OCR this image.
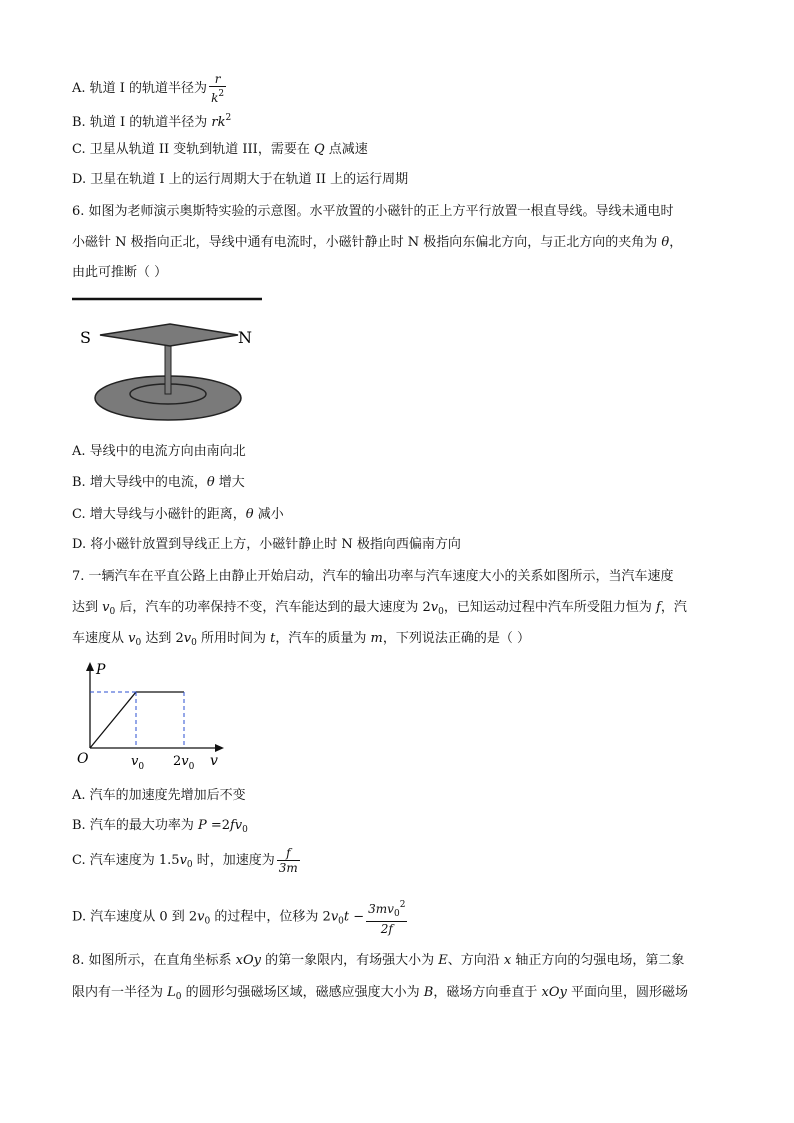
A. 轨道 I 的轨道半径为 $\frac{r}{k^2}$
B. 轨道 I 的轨道半径为 $rk^2$
C. 卫星从轨道 II 变轨到轨道 III，需要在 Q 点减速
D. 卫星在轨道 I 上的运行周期大于在轨道 II 上的运行周期
6. 如图为老师演示奥斯特实验的示意图。水平放置的小磁针的正上方平行放置一根直导线。导线未通电时
小磁针 N 极指向正北，导线中通有电流时，小磁针静止时 N 极指向东偏北方向，与正北方向的夹角为 θ，
由此可推断（ ）
S	N
A. 导线中的电流方向由南向北
B. 增大导线中的电流，θ 增大
C. 增大导线与小磁针的距离，θ 减小
D. 将小磁针放置到导线正上方，小磁针静止时 N 极指向西偏南方向
7. 一辆汽车在平直公路上由静止开始启动，汽车的输出功率与汽车速度大小的关系如图所示，当汽车速度
达到 $v_0$ 后，汽车的功率保持不变，汽车能达到的最大速度为 $2v_0$，已知运动过程中汽车所受阻力恒为 f，汽
车速度从 $v_0$ 达到 $2v_0$ 所用时间为 t，汽车的质量为 m，下列说法正确的是（ ）
P
v
O	$v_0$ $2v_0$
A. 汽车的加速度先增加后不变
B. 汽车的最大功率为 $P =2fv_0$
C. 汽车速度为 $1.5v_0$ 时，加速度为 $\frac{f}{3m}$
D. 汽车速度从 0 到 $2v_0$ 的过程中，位移为 $2v_0t - \frac{3mv_0^2}{2f}$
8. 如图所示，在直角坐标系 xOy 的第一象限内，有场强大小为 E、方向沿 x 轴正方向的匀强电场，第二象
限内有一半径为 $L_0$ 的圆形匀强磁场区域，磁感应强度大小为 B，磁场方向垂直于 xOy 平面向里，圆形磁场
